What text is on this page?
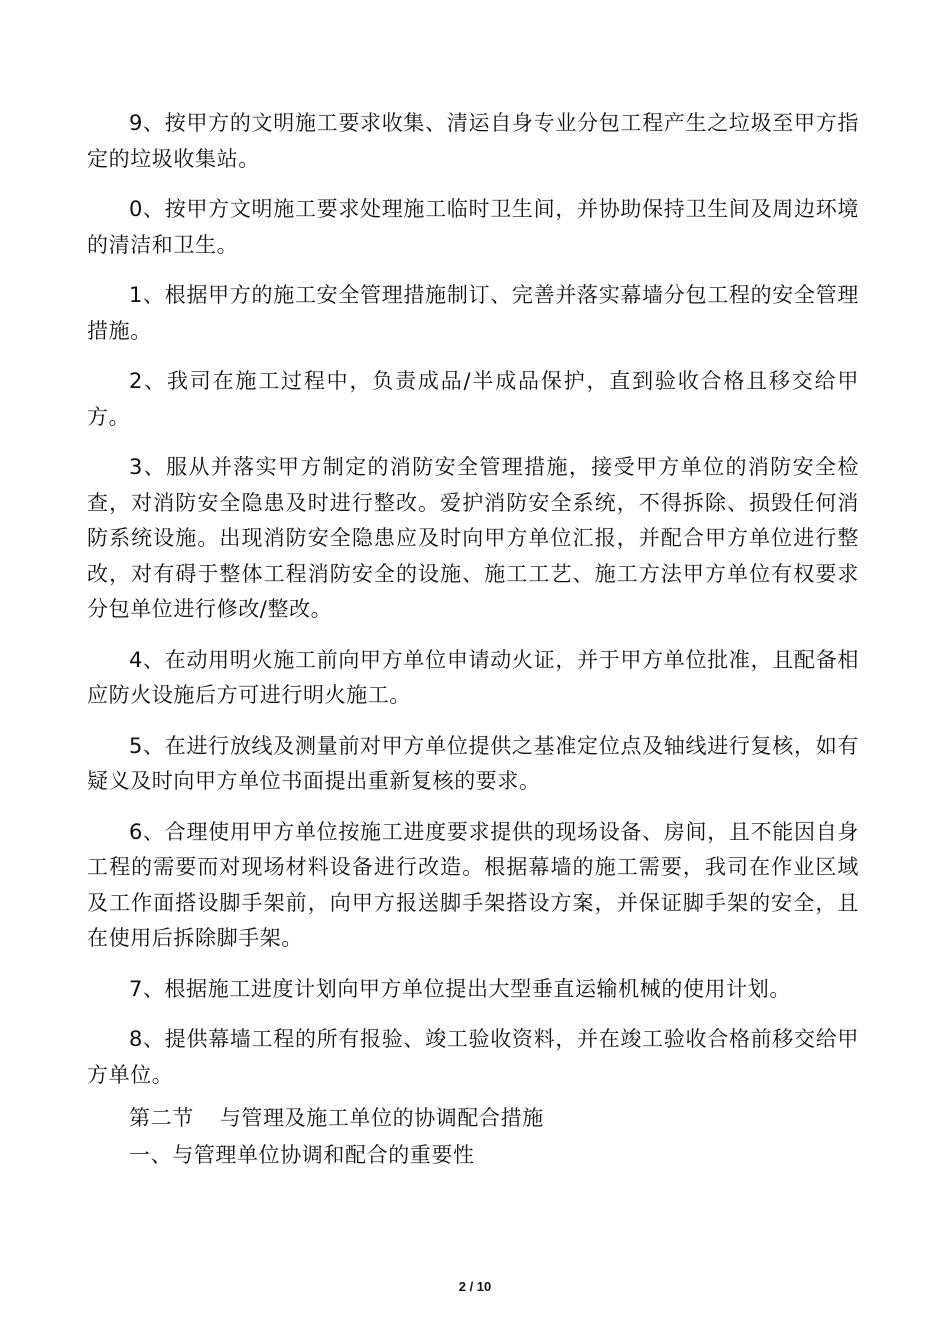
9、按甲方的文明施工要求收集、清运自身专业分包工程产生之垃圾至甲方指定的垃圾收集站。

0、按甲方文明施工要求处理施工临时卫生间，并协助保持卫生间及周边环境的清洁和卫生。

1、根据甲方的施工安全管理措施制订、完善并落实幕墙分包工程的安全管理措施。

2、我司在施工过程中，负责成品/半成品保护，直到验收合格且移交给甲方。

3、服从并落实甲方制定的消防安全管理措施，接受甲方单位的消防安全检查，对消防安全隐患及时进行整改。爱护消防安全系统，不得拆除、损毁任何消防系统设施。出现消防安全隐患应及时向甲方单位汇报，并配合甲方单位进行整改，对有碍于整体工程消防安全的设施、施工工艺、施工方法甲方单位有权要求分包单位进行修改/整改。

4、在动用明火施工前向甲方单位申请动火证，并于甲方单位批准，且配备相应防火设施后方可进行明火施工。

5、在进行放线及测量前对甲方单位提供之基准定位点及轴线进行复核，如有疑义及时向甲方单位书面提出重新复核的要求。

6、合理使用甲方单位按施工进度要求提供的现场设备、房间，且不能因自身工程的需要而对现场材料设备进行改造。根据幕墙的施工需要，我司在作业区域及工作面搭设脚手架前，向甲方报送脚手架搭设方案，并保证脚手架的安全，且在使用后拆除脚手架。

7、根据施工进度计划向甲方单位提出大型垂直运输机械的使用计划。

8、提供幕墙工程的所有报验、竣工验收资料，并在竣工验收合格前移交给甲方单位。

第二节 与管理及施工单位的协调配合措施

一、与管理单位协调和配合的重要性

2 / 10
